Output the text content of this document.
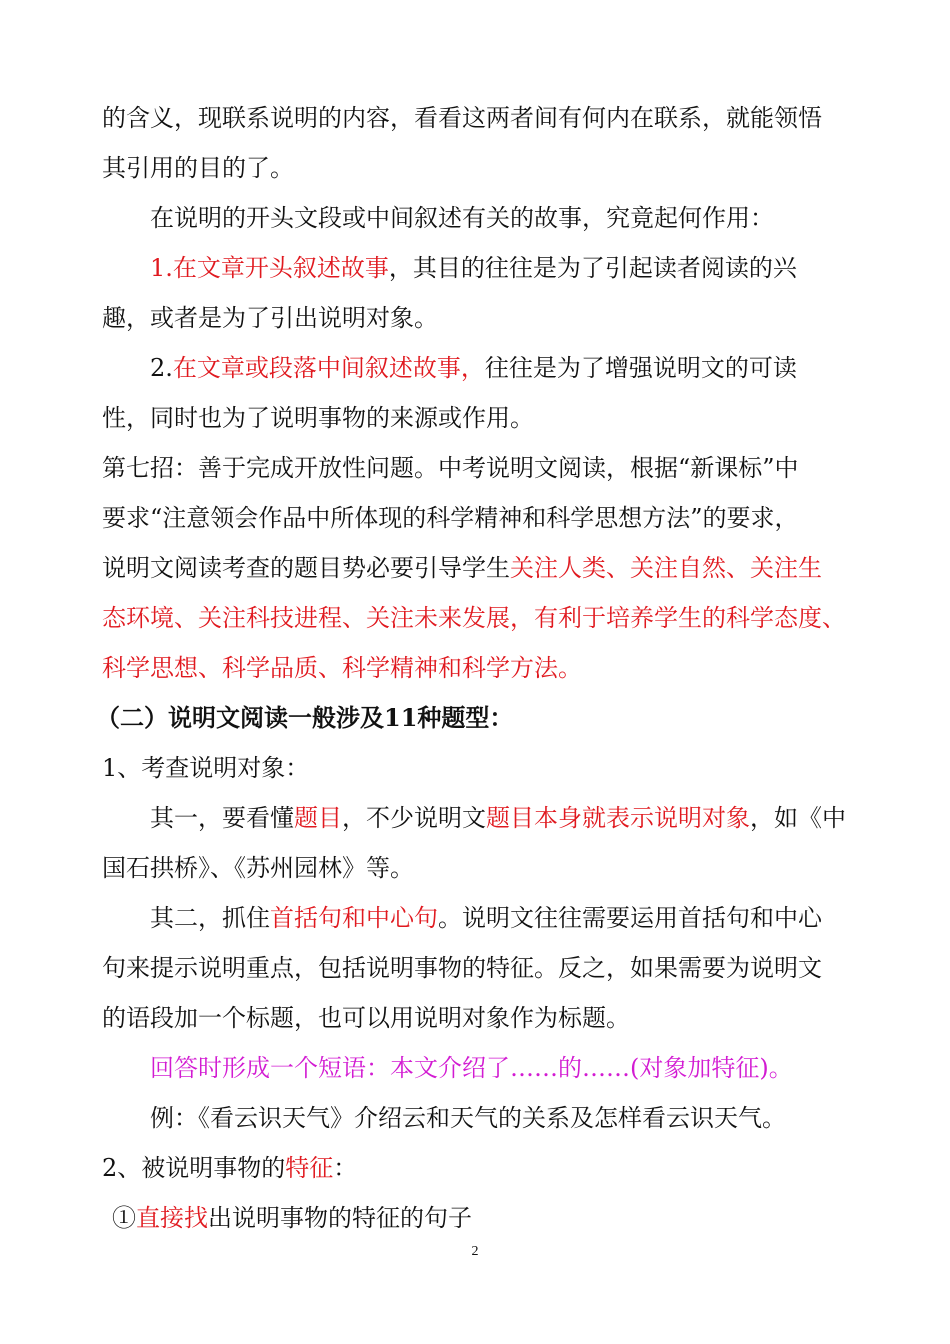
的含义，现联系说明的内容，看看这两者间有何内在联系，就能领悟
其引用的目的了。
在说明的开头文段或中间叙述有关的故事，究竟起何作用：
1.在文章开头叙述故事，其目的往往是为了引起读者阅读的兴
趣，或者是为了引出说明对象。
2.在文章或段落中间叙述故事，往往是为了增强说明文的可读
性，同时也为了说明事物的来源或作用。
第七招：善于完成开放性问题。中考说明文阅读，根据“新课标”中
要求“注意领会作品中所体现的科学精神和科学思想方法”的要求，
说明文阅读考查的题目势必要引导学生关注人类、关注自然、关注生
态环境、关注科技进程、关注未来发展，有利于培养学生的科学态度、
科学思想、科学品质、科学精神和科学方法。
（二）说明文阅读一般涉及11种题型：
1、考查说明对象：
其一，要看懂题目，不少说明文题目本身就表示说明对象，如《中
国石拱桥》、《苏州园林》等。
其二，抓住首括句和中心句。说明文往往需要运用首括句和中心
句来提示说明重点，包括说明事物的特征。反之，如果需要为说明文
的语段加一个标题，也可以用说明对象作为标题。
回答时形成一个短语：本文介绍了……的……(对象加特征)。
例：《看云识天气》介绍云和天气的关系及怎样看云识天气。
2、被说明事物的特征：
①直接找出说明事物的特征的句子
2
